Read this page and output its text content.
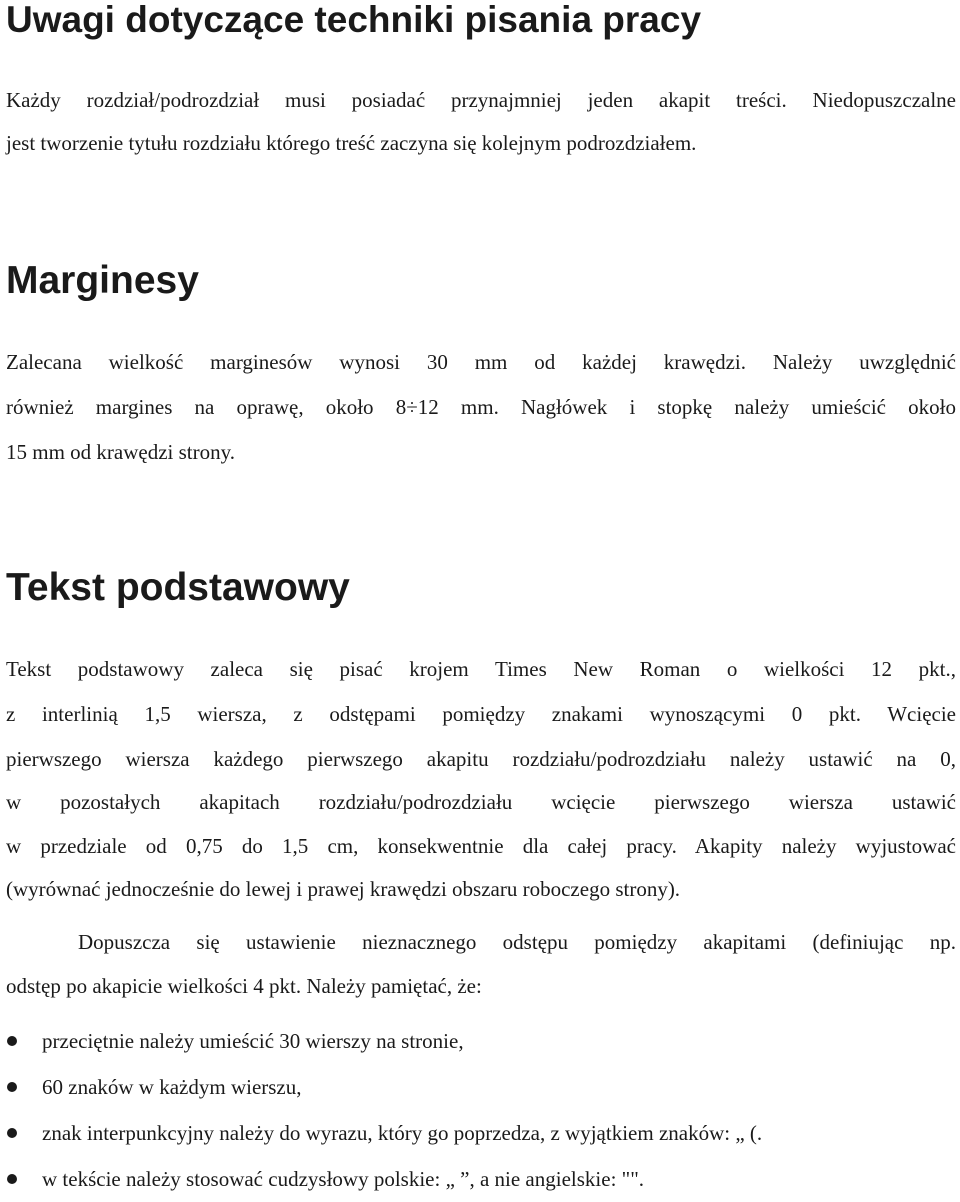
Uwagi dotyczące techniki pisania pracy

Każdy rozdział/podrozdział musi posiadać przynajmniej jeden akapit treści. Niedopuszczalne

jest tworzenie tytułu rozdziału którego treść zaczyna się kolejnym podrozdziałem.

Marginesy

Zalecana wielkość marginesów wynosi 30 mm od każdej krawędzi. Należy uwzględnić

również margines na oprawę, około 8÷12 mm. Nagłówek i stopkę należy umieścić około

15 mm od krawędzi strony.

Tekst podstawowy

Tekst podstawowy zaleca się pisać krojem Times New Roman o wielkości 12 pkt.,

z interlinią 1,5 wiersza, z odstępami pomiędzy znakami wynoszącymi 0 pkt. Wcięcie

pierwszego wiersza każdego pierwszego akapitu rozdziału/podrozdziału należy ustawić na 0,

w pozostałych akapitach rozdziału/podrozdziału wcięcie pierwszego wiersza ustawić

w przedziale od 0,75 do 1,5 cm, konsekwentnie dla całej pracy. Akapity należy wyjustować

(wyrównać jednocześnie do lewej i prawej krawędzi obszaru roboczego strony).

Dopuszcza się ustawienie nieznacznego odstępu pomiędzy akapitami (definiując np.

odstęp po akapicie wielkości 4 pkt. Należy pamiętać, że:

przeciętnie należy umieścić 30 wierszy na stronie,
60 znaków w każdym wierszu,
znak interpunkcyjny należy do wyrazu, który go poprzedza, z wyjątkiem znaków: „ (.
w tekście należy stosować cudzysłowy polskie: „ ”, a nie angielskie: "".
